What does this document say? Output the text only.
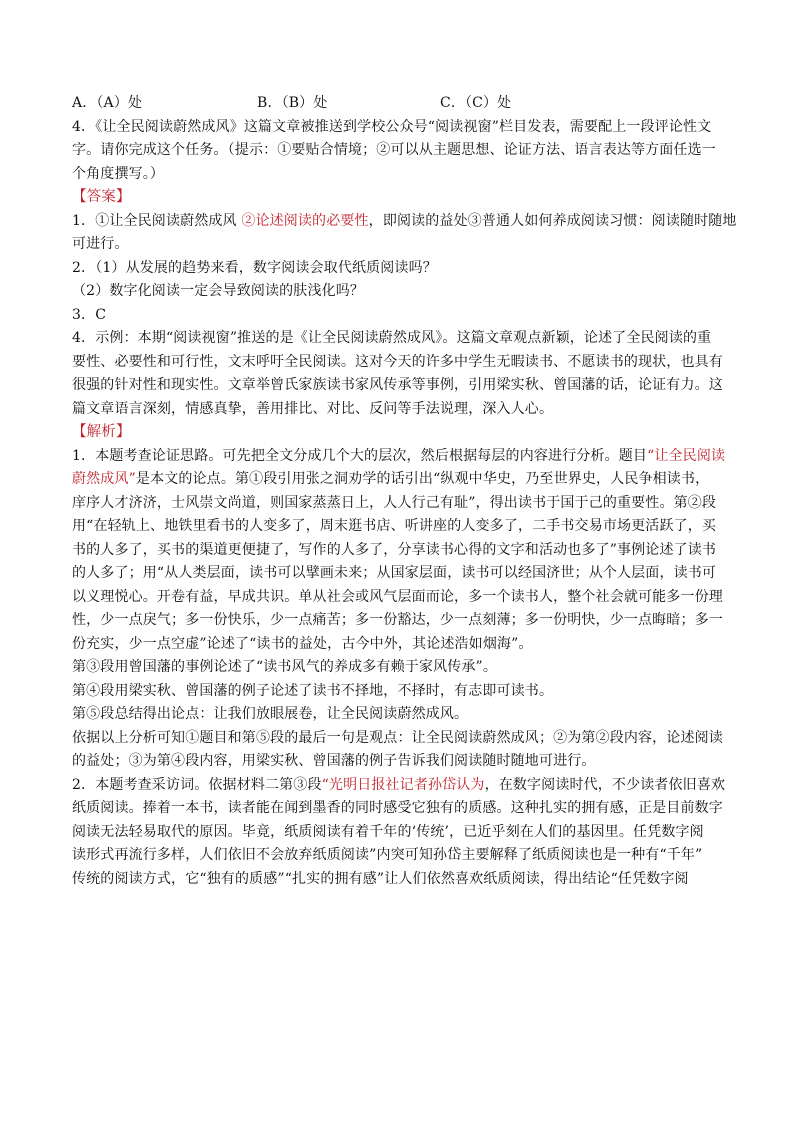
A．（A）处	B．（B）处	C．（C）处
4．《让全民阅读蔚然成风》这篇文章被推送到学校公众号“阅读视窗”栏目发表，需要配上一段评论性文
字。请你完成这个任务。（提示：①要贴合情境；②可以从主题思想、论证方法、语言表达等方面任选一
个角度撰写。）
【答案】
1．①让全民阅读蔚然成风 ②论述阅读的必要性，即阅读的益处③普通人如何养成阅读习惯：阅读随时随地
可进行。
2．（1）从发展的趋势来看，数字阅读会取代纸质阅读吗？
（2）数字化阅读一定会导致阅读的肤浅化吗？
3．C
4．示例：本期“阅读视窗”推送的是《让全民阅读蔚然成风》。这篇文章观点新颖，论述了全民阅读的重
要性、必要性和可行性，文末呼吁全民阅读。这对今天的许多中学生无暇读书、不愿读书的现状，也具有
很强的针对性和现实性。文章举曾氏家族读书家风传承等事例，引用梁实秋、曾国藩的话，论证有力。这
篇文章语言深刻，情感真挚，善用排比、对比、反问等手法说理，深入人心。
【解析】
1．本题考查论证思路。可先把全文分成几个大的层次，然后根据每层的内容进行分析。题目“让全民阅读
蔚然成风”是本文的论点。第①段引用张之洞劝学的话引出“纵观中华史，乃至世界史，人民争相读书，
庠序人才济济，士风崇文尚道，则国家蒸蒸日上，人人行己有耻”，得出读书于国于己的重要性。第②段
用“在轻轨上、地铁里看书的人变多了，周末逛书店、听讲座的人变多了，二手书交易市场更活跃了，买
书的人多了，买书的渠道更便捷了，写作的人多了，分享读书心得的文字和活动也多了”事例论述了读书
的人多了；用“从人类层面，读书可以擘画未来；从国家层面，读书可以经国济世；从个人层面，读书可
以义理悦心。开卷有益，早成共识。单从社会或风气层面而论，多一个读书人，整个社会就可能多一份理
性，少一点戾气；多一份快乐，少一点痛苦；多一份豁达，少一点刻薄；多一份明快，少一点晦暗；多一
份充实，少一点空虚”论述了“读书的益处，古今中外，其论述浩如烟海”。
第③段用曾国藩的事例论述了“读书风气的养成多有赖于家风传承”。
第④段用梁实秋、曾国藩的例子论述了读书不择地，不择时，有志即可读书。
第⑤段总结得出论点：让我们放眼展卷，让全民阅读蔚然成风。
依据以上分析可知①题目和第⑤段的最后一句是观点：让全民阅读蔚然成风；②为第②段内容，论述阅读
的益处；③为第④段内容，用梁实秋、曾国藩的例子告诉我们阅读随时随地可进行。
2．本题考查采访词。依据材料二第③段“光明日报社记者孙岱认为，在数字阅读时代，不少读者依旧喜欢
纸质阅读。捧着一本书，读者能在闻到墨香的同时感受它独有的质感。这种扎实的拥有感，正是目前数字
阅读无法轻易取代的原因。毕竟，纸质阅读有着千年的‘传统’，已近乎刻在人们的基因里。任凭数字阅
读形式再流行多样，人们依旧不会放弃纸质阅读”内突可知孙岱主要解释了纸质阅读也是一种有“千年”
传统的阅读方式，它“独有的质感”“扎实的拥有感”让人们依然喜欢纸质阅读，得出结论“任凭数字阅
